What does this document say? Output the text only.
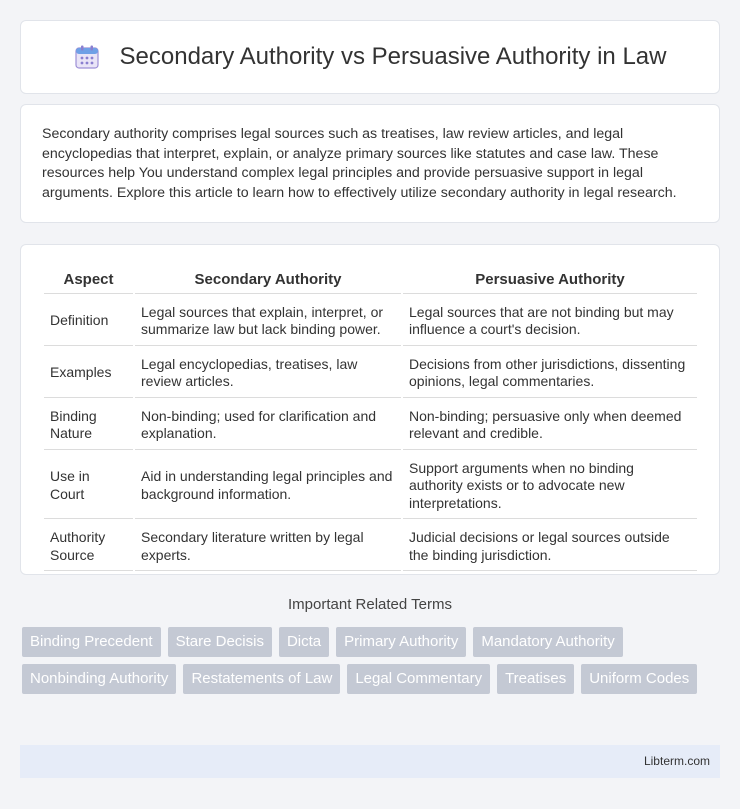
Secondary Authority vs Persuasive Authority in Law

Secondary authority comprises legal sources such as treatises, law review articles, and legal encyclopedias that interpret, explain, or analyze primary sources like statutes and case law. These resources help You understand complex legal principles and provide persuasive support in legal arguments. Explore this article to learn how to effectively utilize secondary authority in legal research.

Aspect	Secondary Authority	Persuasive Authority
Definition	Legal sources that explain, interpret, or summarize law but lack binding power.	Legal sources that are not binding but may influence a court's decision.
Examples	Legal encyclopedias, treatises, law review articles.	Decisions from other jurisdictions, dissenting opinions, legal commentaries.
Binding Nature	Non-binding; used for clarification and explanation.	Non-binding; persuasive only when deemed relevant and credible.
Use in Court	Aid in understanding legal principles and background information.	Support arguments when no binding authority exists or to advocate new interpretations.
Authority Source	Secondary literature written by legal experts.	Judicial decisions or legal sources outside the binding jurisdiction.
Important Related Terms
Binding Precedent	Stare Decisis	Dicta	Primary Authority	Mandatory Authority
Nonbinding Authority	Restatements of Law	Legal Commentary	Treatises	Uniform Codes
Libterm.com
